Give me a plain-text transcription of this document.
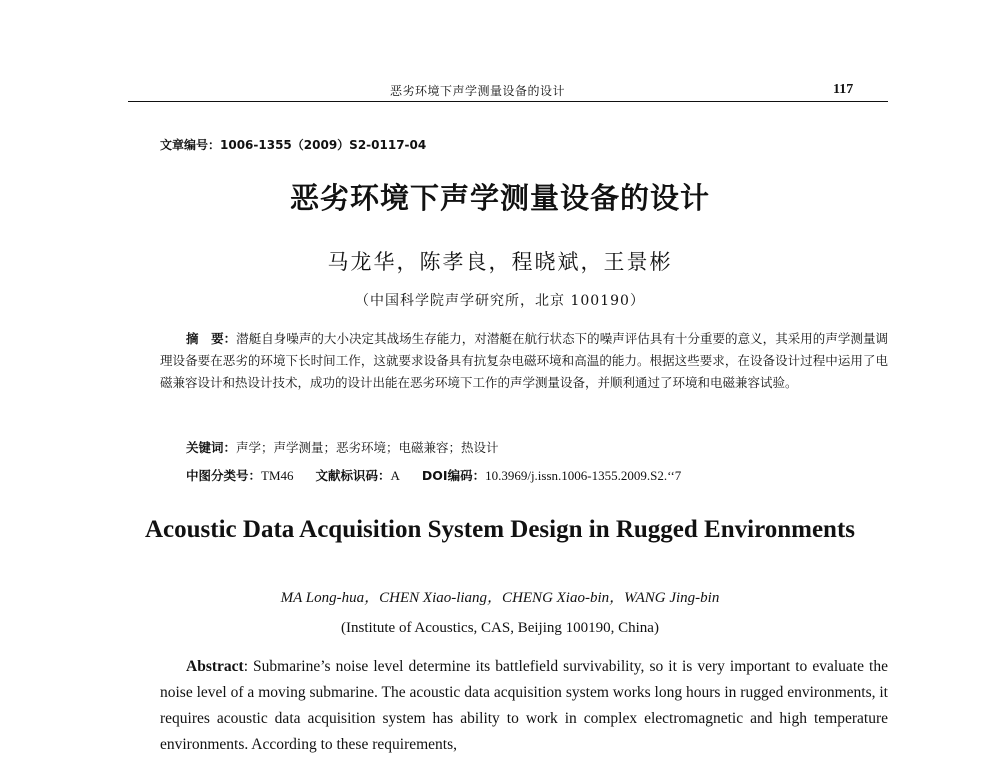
恶劣环境下声学测量设备的设计	117
文章编号：1006-1355（2009）S2-0117-04
恶劣环境下声学测量设备的设计
马龙华，陈孝良，程晓斌，王景彬
（中国科学院声学研究所，北京 100190）
摘　要：潜艇自身噪声的大小决定其战场生存能力，对潜艇在航行状态下的噪声评估具有十分重要的意义，其采用的声学测量调理设备要在恶劣的环境下长时间工作，这就要求设备具有抗复杂电磁环境和高温的能力。根据这些要求，在设备设计过程中运用了电磁兼容设计和热设计技术，成功的设计出能在恶劣环境下工作的声学测量设备，并顺利通过了环境和电磁兼容试验。
关键词：声学；声学测量；恶劣环境；电磁兼容；热设计
中图分类号：TM46 文献标识码：A DOI编码：10.3969/j.issn.1006-1355.2009.S2.‘‘7
Acoustic Data Acquisition System Design in Rugged Environments
MA Long-hua，CHEN Xiao-liang，CHENG Xiao-bin，WANG Jing-bin
(Institute of Acoustics, CAS, Beijing 100190, China)
Abstract: Submarine’s noise level determine its battlefield survivability, so it is very important to evaluate the noise level of a moving submarine. The acoustic data acquisition system works long hours in rugged environments, it requires acoustic data acquisition system has ability to work in complex electromagnetic and high temperature environments. According to these requirements,
